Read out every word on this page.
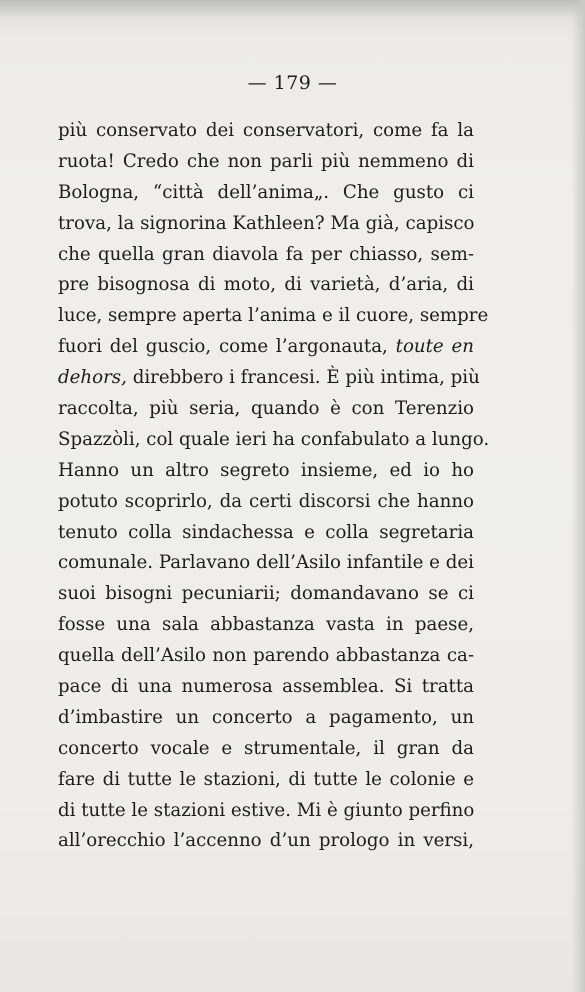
— 179 —
più conservato dei conservatori, come fa la
ruota! Credo che non parli più nemmeno di
Bologna, “città dell’anima„. Che gusto ci
trova, la signorina Kathleen? Ma già, capisco
che quella gran diavola fa per chiasso, sem-
pre bisognosa di moto, di varietà, d’aria, di
luce, sempre aperta l’anima e il cuore, sempre
fuori del guscio, come l’argonauta, toute en
dehors, direbbero i francesi. È più intima, più
raccolta, più seria, quando è con Terenzio
Spazzòli, col quale ieri ha confabulato a lungo.
Hanno un altro segreto insieme, ed io ho
potuto scoprirlo, da certi discorsi che hanno
tenuto colla sindachessa e colla segretaria
comunale. Parlavano dell’Asilo infantile e dei
suoi bisogni pecuniarii; domandavano se ci
fosse una sala abbastanza vasta in paese,
quella dell’Asilo non parendo abbastanza ca-
pace di una numerosa assemblea. Si tratta
d’imbastire un concerto a pagamento, un
concerto vocale e strumentale, il gran da
fare di tutte le stazioni, di tutte le colonie e
di tutte le stazioni estive. Mi è giunto perfino
all’orecchio l’accenno d’un prologo in versi,
